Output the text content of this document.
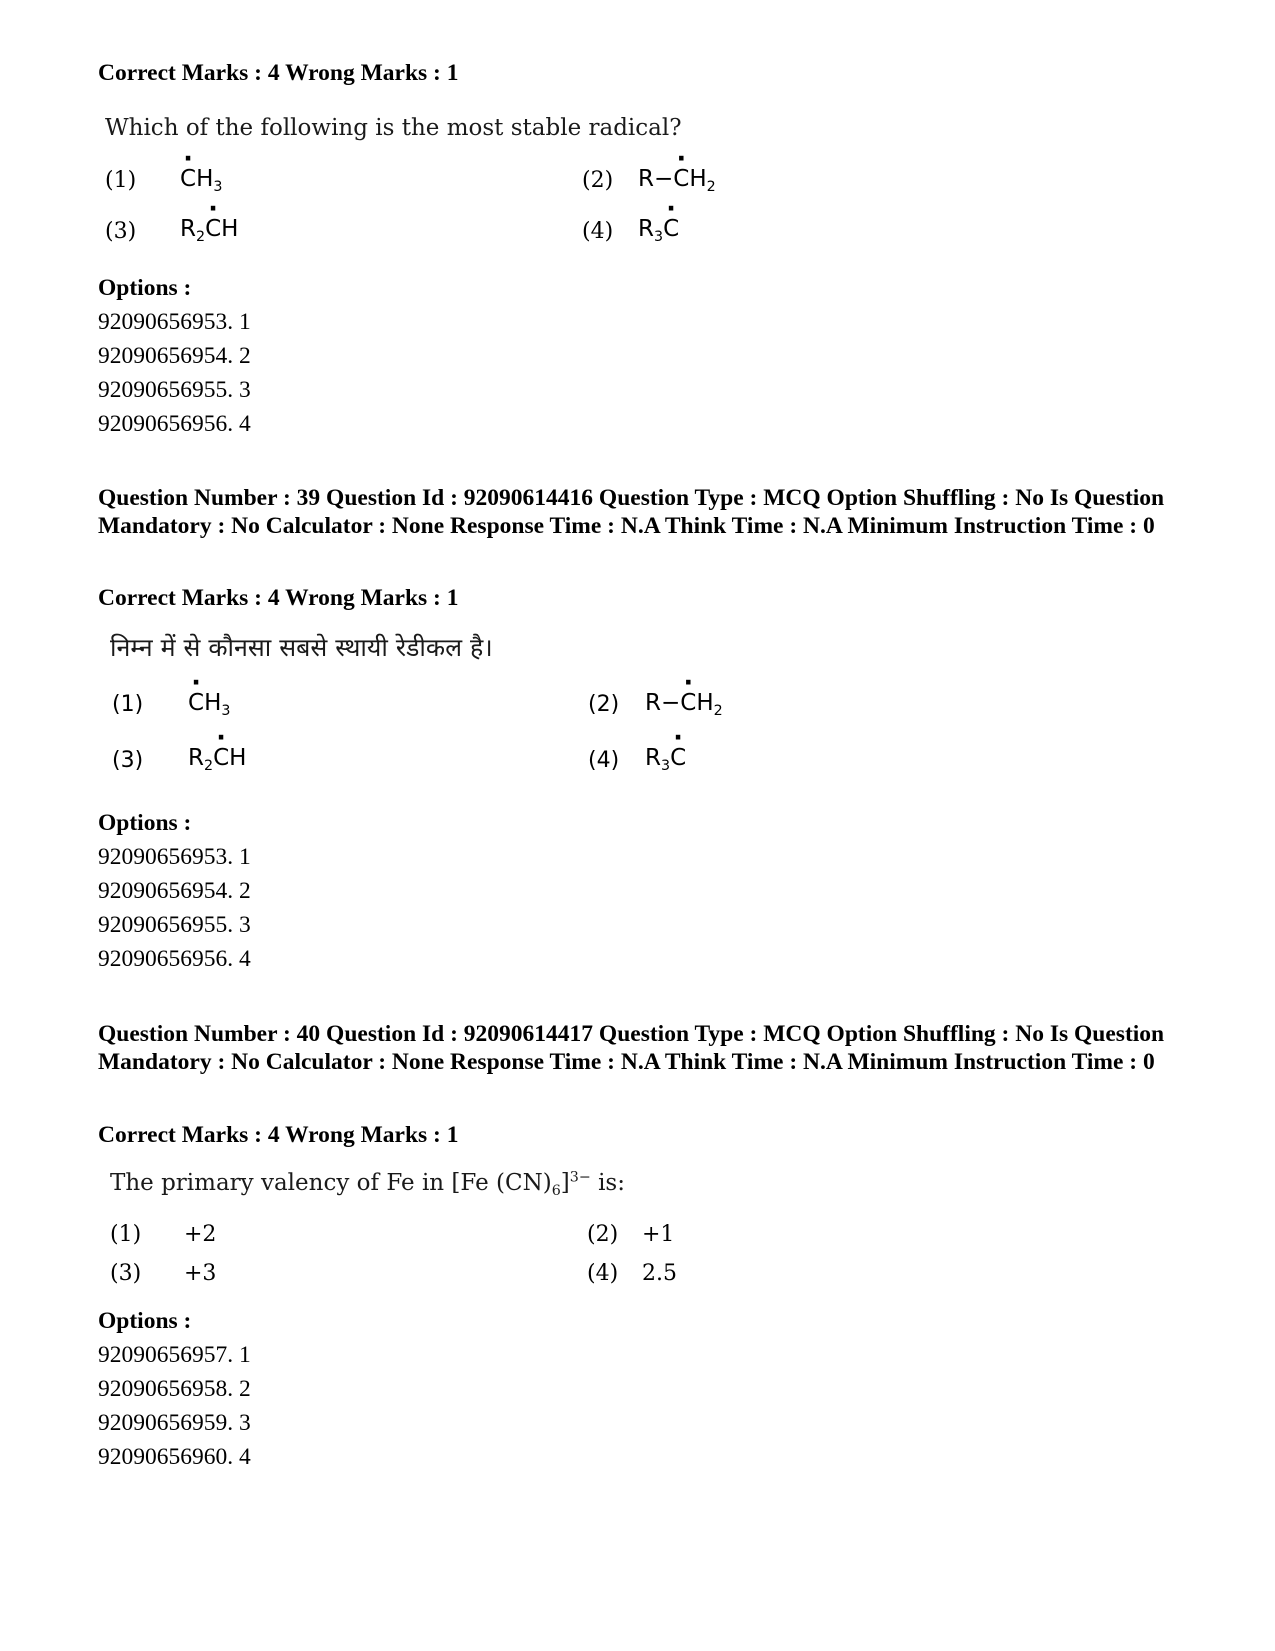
Correct Marks : 4 Wrong Marks : 1
Which of the following is the most stable radical?
(1)
· $CH_3$	(2) $R-\cdot CH_2$
(3) $R_2\cdot$ CH	(4) $R_3\cdot C$
Options :
92090656953. 1
92090656954. 2
92090656955. 3
92090656956. 4
Question Number : 39 Question Id : 92090614416 Question Type : MCQ Option Shuffling : No Is Question Mandatory : No Calculator : None Response Time : N.A Think Time : N.A Minimum Instruction Time : 0
Correct Marks : 4 Wrong Marks : 1
निम्न में से कौनसा सबसे स्थायी रेडीकल है।
(1)
· $CH_3$	(2) $R-\cdot CH_2$
(3) $R_2\cdot$ CH	(4) $R_3\cdot C$
Options :
92090656953. 1
92090656954. 2
92090656955. 3
92090656956. 4
Question Number : 40 Question Id : 92090614417 Question Type : MCQ Option Shuffling : No Is Question Mandatory : No Calculator : None Response Time : N.A Think Time : N.A Minimum Instruction Time : 0
Correct Marks : 4 Wrong Marks : 1
The primary valency of Fe in [Fe $(CN)_6]^{3-}$ is:
(1) +2	(2) +1
(3) +3	(4) 2.5
Options :
92090656957. 1
92090656958. 2
92090656959. 3
92090656960. 4
